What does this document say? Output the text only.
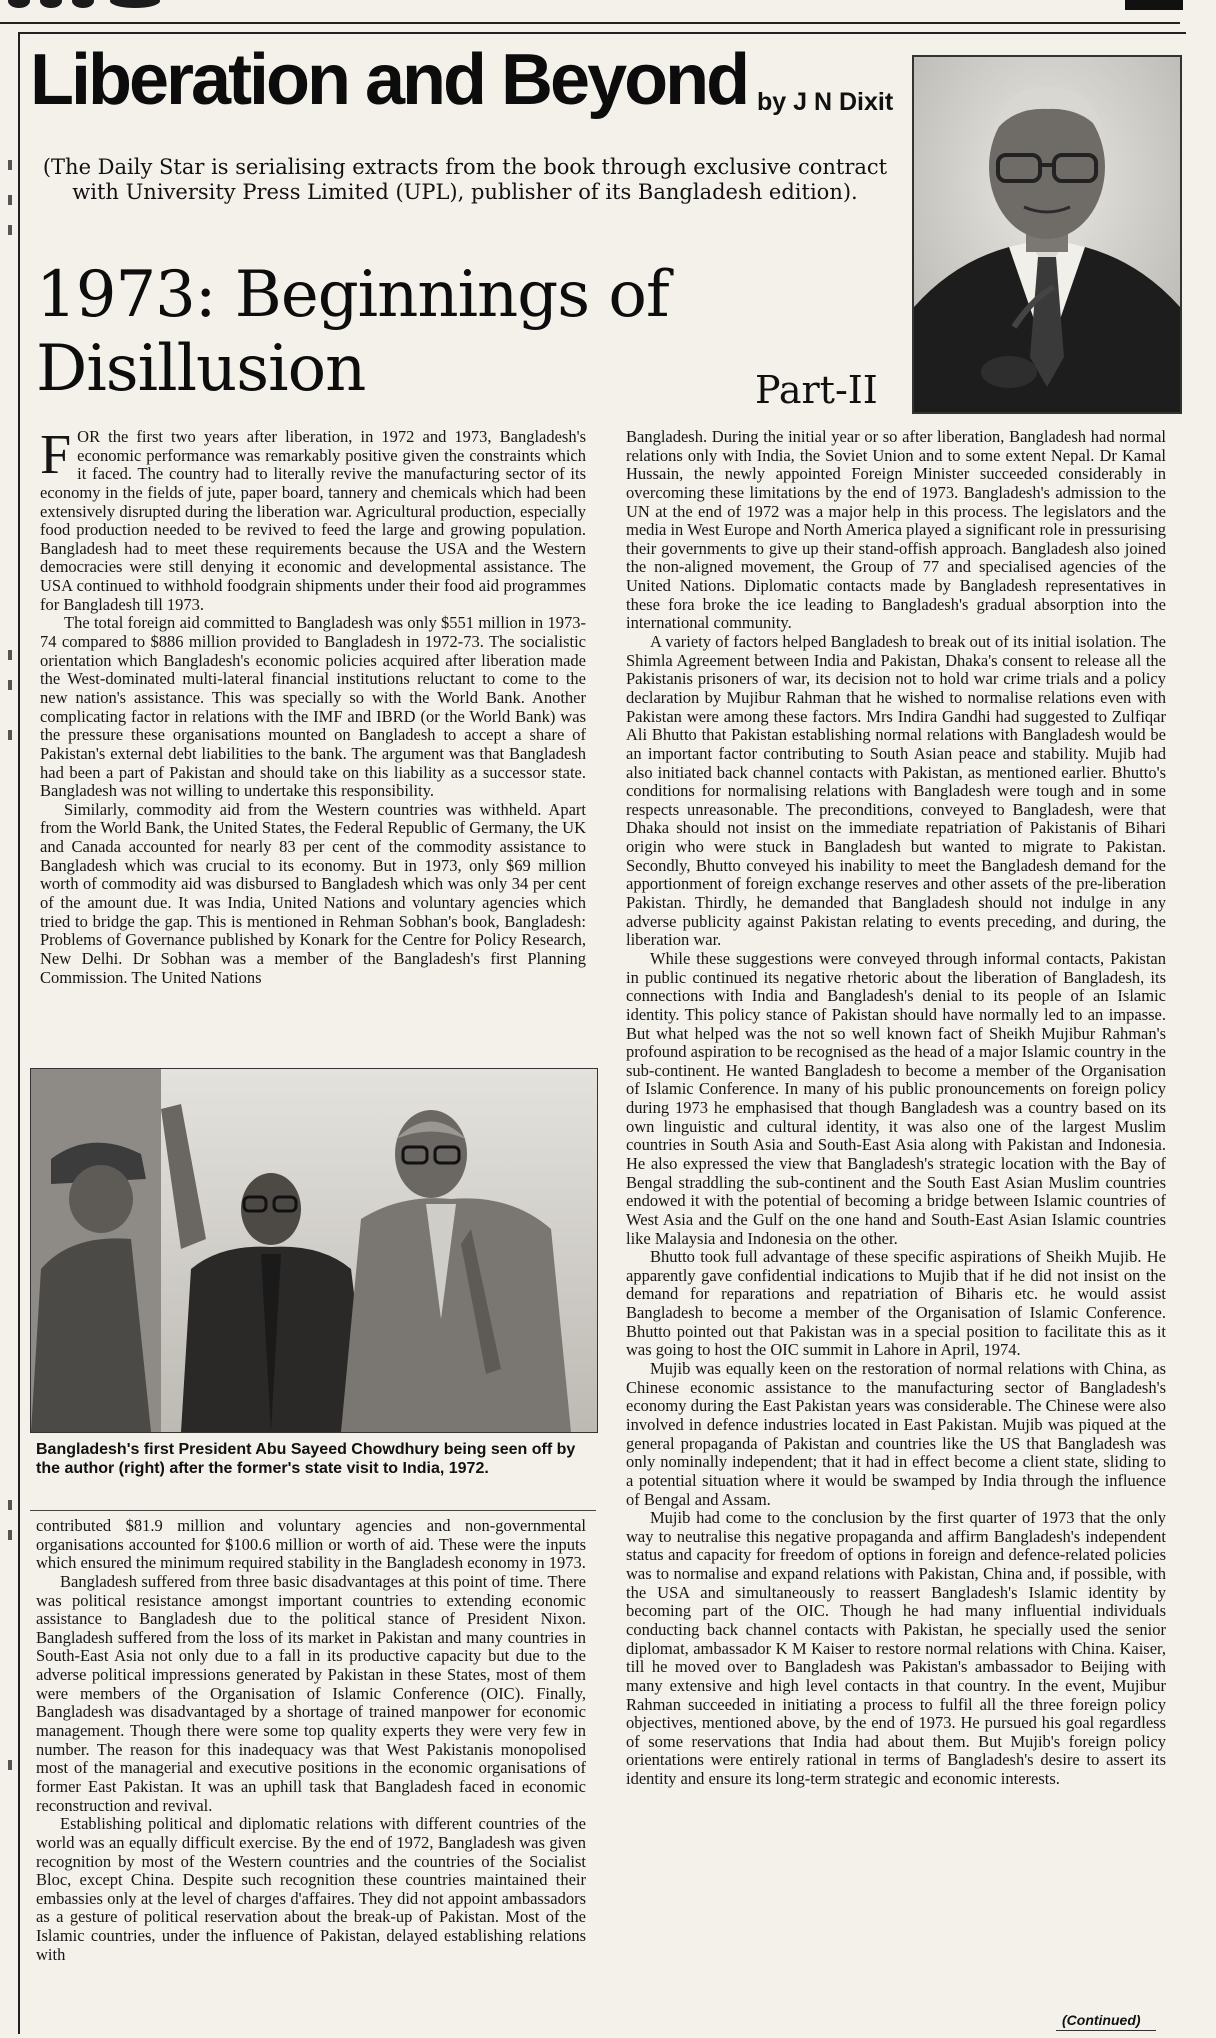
Liberation and Beyond by J N Dixit
(The Daily Star is serialising extracts from the book through exclusive contract with University Press Limited (UPL), publisher of its Bangladesh edition).
1973: Beginnings of
Disillusion	Part-II

FOR the first two years after liberation, in 1972 and 1973, Bangladesh's economic performance was remarkably positive given the constraints which it faced. The country had to literally revive the manufacturing sector of its economy in the fields of jute, paper board, tannery and chemicals which had been extensively disrupted during the liberation war. Agricultural production, especially food production needed to be revived to feed the large and growing population. Bangladesh had to meet these requirements because the USA and the Western democracies were still denying it economic and developmental assistance. The USA continued to withhold foodgrain shipments under their food aid programmes for Bangladesh till 1973.

The total foreign aid committed to Bangladesh was only $551 million in 1973-74 compared to $886 million provided to Bangladesh in 1972-73. The socialistic orientation which Bangladesh's economic policies acquired after liberation made the West-dominated multi-lateral financial institutions reluctant to come to the new nation's assistance. This was specially so with the World Bank. Another complicating factor in relations with the IMF and IBRD (or the World Bank) was the pressure these organisations mounted on Bangladesh to accept a share of Pakistan's external debt liabilities to the bank. The argument was that Bangladesh had been a part of Pakistan and should take on this liability as a successor state. Bangladesh was not willing to undertake this responsibility.

Similarly, commodity aid from the Western countries was withheld. Apart from the World Bank, the United States, the Federal Republic of Germany, the UK and Canada accounted for nearly 83 per cent of the commodity assistance to Bangladesh which was crucial to its economy. But in 1973, only $69 million worth of commodity aid was disbursed to Bangladesh which was only 34 per cent of the amount due. It was India, United Nations and voluntary agencies which tried to bridge the gap. This is mentioned in Rehman Sobhan's book, Bangladesh: Problems of Governance published by Konark for the Centre for Policy Research, New Delhi. Dr Sobhan was a member of the Bangladesh's first Planning Commission. The United Nations

Bangladesh's first President Abu Sayeed Chowdhury being seen off by the author (right) after the former's state visit to India, 1972.

contributed $81.9 million and voluntary agencies and non-governmental organisations accounted for $100.6 million or worth of aid. These were the inputs which ensured the minimum required stability in the Bangladesh economy in 1973.

Bangladesh suffered from three basic disadvantages at this point of time. There was political resistance amongst important countries to extending economic assistance to Bangladesh due to the political stance of President Nixon. Bangladesh suffered from the loss of its market in Pakistan and many countries in South-East Asia not only due to a fall in its productive capacity but due to the adverse political impressions generated by Pakistan in these States, most of them were members of the Organisation of Islamic Conference (OIC). Finally, Bangladesh was disadvantaged by a shortage of trained manpower for economic management. Though there were some top quality experts they were very few in number. The reason for this inadequacy was that West Pakistanis monopolised most of the managerial and executive positions in the economic organisations of former East Pakistan. It was an uphill task that Bangladesh faced in economic reconstruction and revival.

Establishing political and diplomatic relations with different countries of the world was an equally difficult exercise. By the end of 1972, Bangladesh was given recognition by most of the Western countries and the countries of the Socialist Bloc, except China. Despite such recognition these countries maintained their embassies only at the level of charges d'affaires. They did not appoint ambassadors as a gesture of political reservation about the break-up of Pakistan. Most of the Islamic countries, under the influence of Pakistan, delayed establishing relations with

Bangladesh. During the initial year or so after liberation, Bangladesh had normal relations only with India, the Soviet Union and to some extent Nepal. Dr Kamal Hussain, the newly appointed Foreign Minister succeeded considerably in overcoming these limitations by the end of 1973. Bangladesh's admission to the UN at the end of 1972 was a major help in this process. The legislators and the media in West Europe and North America played a significant role in pressurising their governments to give up their stand-offish approach. Bangladesh also joined the non-aligned movement, the Group of 77 and specialised agencies of the United Nations. Diplomatic contacts made by Bangladesh representatives in these fora broke the ice leading to Bangladesh's gradual absorption into the international community.

A variety of factors helped Bangladesh to break out of its initial isolation. The Shimla Agreement between India and Pakistan, Dhaka's consent to release all the Pakistanis prisoners of war, its decision not to hold war crime trials and a policy declaration by Mujibur Rahman that he wished to normalise relations even with Pakistan were among these factors. Mrs Indira Gandhi had suggested to Zulfiqar Ali Bhutto that Pakistan establishing normal relations with Bangladesh would be an important factor contributing to South Asian peace and stability. Mujib had also initiated back channel contacts with Pakistan, as mentioned earlier. Bhutto's conditions for normalising relations with Bangladesh were tough and in some respects unreasonable. The preconditions, conveyed to Bangladesh, were that Dhaka should not insist on the immediate repatriation of Pakistanis of Bihari origin who were stuck in Bangladesh but wanted to migrate to Pakistan. Secondly, Bhutto conveyed his inability to meet the Bangladesh demand for the apportionment of foreign exchange reserves and other assets of the pre-liberation Pakistan. Thirdly, he demanded that Bangladesh should not indulge in any adverse publicity against Pakistan relating to events preceding, and during, the liberation war.

While these suggestions were conveyed through informal contacts, Pakistan in public continued its negative rhetoric about the liberation of Bangladesh, its connections with India and Bangladesh's denial to its people of an Islamic identity. This policy stance of Pakistan should have normally led to an impasse. But what helped was the not so well known fact of Sheikh Mujibur Rahman's profound aspiration to be recognised as the head of a major Islamic country in the sub-continent. He wanted Bangladesh to become a member of the Organisation of Islamic Conference. In many of his public pronouncements on foreign policy during 1973 he emphasised that though Bangladesh was a country based on its own linguistic and cultural identity, it was also one of the largest Muslim countries in South Asia and South-East Asia along with Pakistan and Indonesia. He also expressed the view that Bangladesh's strategic location with the Bay of Bengal straddling the sub-continent and the South East Asian Muslim countries endowed it with the potential of becoming a bridge between Islamic countries of West Asia and the Gulf on the one hand and South-East Asian Islamic countries like Malaysia and Indonesia on the other.

Bhutto took full advantage of these specific aspirations of Sheikh Mujib. He apparently gave confidential indications to Mujib that if he did not insist on the demand for reparations and repatriation of Biharis etc. he would assist Bangladesh to become a member of the Organisation of Islamic Conference. Bhutto pointed out that Pakistan was in a special position to facilitate this as it was going to host the OIC summit in Lahore in April, 1974.

Mujib was equally keen on the restoration of normal relations with China, as Chinese economic assistance to the manufacturing sector of Bangladesh's economy during the East Pakistan years was considerable. The Chinese were also involved in defence industries located in East Pakistan. Mujib was piqued at the general propaganda of Pakistan and countries like the US that Bangladesh was only nominally independent; that it had in effect become a client state, sliding to a potential situation where it would be swamped by India through the influence of Bengal and Assam.

Mujib had come to the conclusion by the first quarter of 1973 that the only way to neutralise this negative propaganda and affirm Bangladesh's independent status and capacity for freedom of options in foreign and defence-related policies was to normalise and expand relations with Pakistan, China and, if possible, with the USA and simultaneously to reassert Bangladesh's Islamic identity by becoming part of the OIC. Though he had many influential individuals conducting back channel contacts with Pakistan, he specially used the senior diplomat, ambassador K M Kaiser to restore normal relations with China. Kaiser, till he moved over to Bangladesh was Pakistan's ambassador to Beijing with many extensive and high level contacts in that country. In the event, Mujibur Rahman succeeded in initiating a process to fulfil all the three foreign policy objectives, mentioned above, by the end of 1973. He pursued his goal regardless of some reservations that India had about them. But Mujib's foreign policy orientations were entirely rational in terms of Bangladesh's desire to assert its identity and ensure its long-term strategic and economic interests.

(Continued)
